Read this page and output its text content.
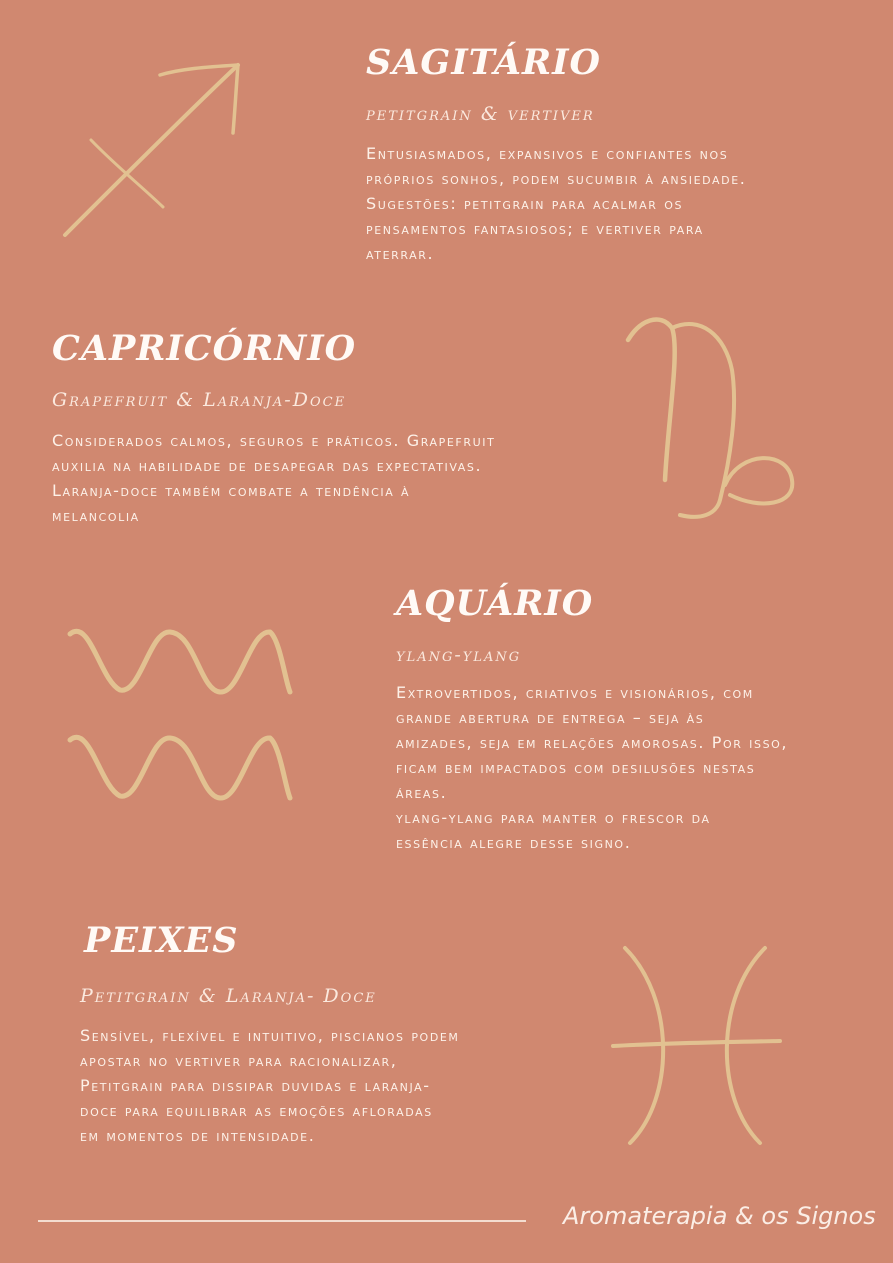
SAGITÁRIO
petitgrain & vertiver

Entusiasmados, expansivos e confiantes nos
próprios sonhos, podem sucumbir à ansiedade.
Sugestões: petitgrain para acalmar os
pensamentos fantasiosos; e vertiver para
aterrar.

CAPRICÓRNIO
Grapefruit & Laranja-Doce

Considerados calmos, seguros e práticos. Grapefruit
auxilia na habilidade de desapegar das expectativas.
Laranja-doce também combate a tendência à
melancolia

AQUÁRIO
ylang-ylang

Extrovertidos, criativos e visionários, com
grande abertura de entrega – seja às
amizades, seja em relações amorosas. Por isso,
ficam bem impactados com desilusões nestas
áreas.
ylang-ylang para manter o frescor da
essência alegre desse signo.

PEIXES
Petitgrain & Laranja- Doce

Sensível, flexível e intuitivo, piscianos podem
apostar no vertiver para racionalizar,
Petitgrain para dissipar duvidas e laranja-
doce para equilibrar as emoções afloradas
em momentos de intensidade.

Aromaterapia & os Signos
